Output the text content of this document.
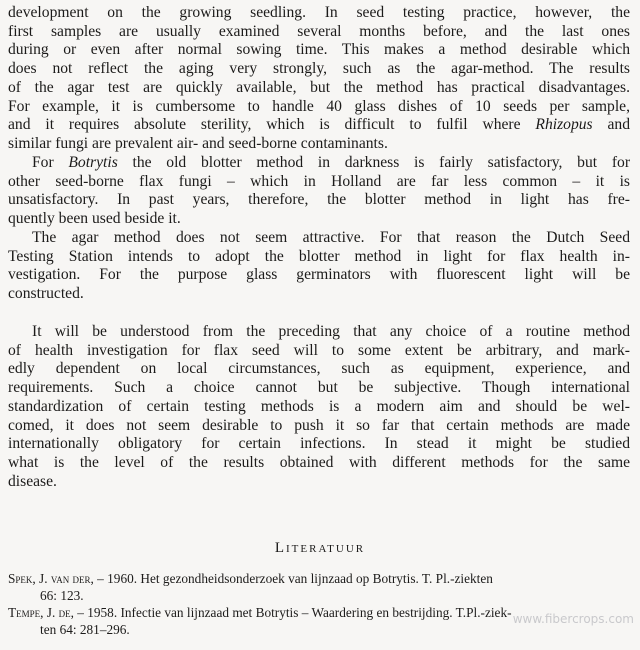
development on the growing seedling. In seed testing practice, however, the
first samples are usually examined several months before, and the last ones
during or even after normal sowing time. This makes a method desirable which
does not reflect the aging very strongly, such as the agar-method. The results
of the agar test are quickly available, but the method has practical disadvantages.
For example, it is cumbersome to handle 40 glass dishes of 10 seeds per sample,
and it requires absolute sterility, which is difficult to fulfil where Rhizopus and
similar fungi are prevalent air- and seed-borne contaminants.
For Botrytis the old blotter method in darkness is fairly satisfactory, but for
other seed-borne flax fungi – which in Holland are far less common – it is
unsatisfactory. In past years, therefore, the blotter method in light has fre-
quently been used beside it.
The agar method does not seem attractive. For that reason the Dutch Seed
Testing Station intends to adopt the blotter method in light for flax health in-
vestigation. For the purpose glass germinators with fluorescent light will be
constructed.
It will be understood from the preceding that any choice of a routine method
of health investigation for flax seed will to some extent be arbitrary, and mark-
edly dependent on local circumstances, such as equipment, experience, and
requirements. Such a choice cannot but be subjective. Though international
standardization of certain testing methods is a modern aim and should be wel-
comed, it does not seem desirable to push it so far that certain methods are made
internationally obligatory for certain infections. In stead it might be studied
what is the level of the results obtained with different methods for the same
disease.
Literatuur
Spek, J. van der, – 1960. Het gezondheidsonderzoek van lijnzaad op Botrytis. T. Pl.-ziekten
66: 123.
Tempe, J. de, – 1958. Infectie van lijnzaad met Botrytis – Waardering en bestrijding. T.Pl.-ziek-
ten 64: 281–296.
www.fibercrops.com
